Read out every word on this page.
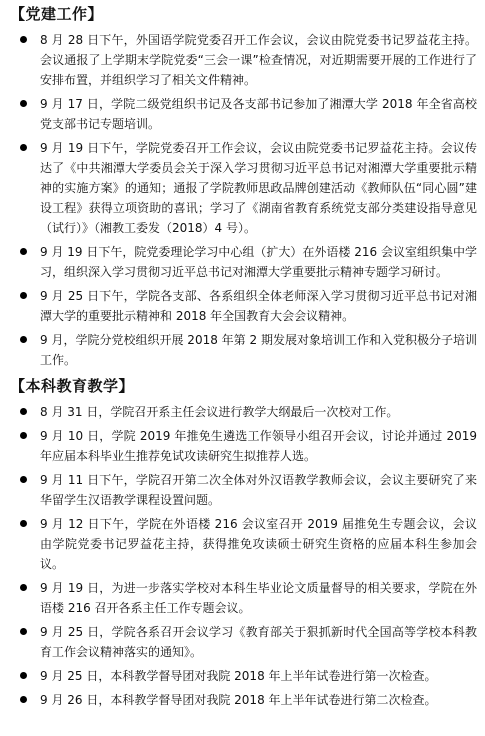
【党建工作】
8 月 28 日下午，外国语学院党委召开工作会议，会议由院党委书记罗益花主持。会议通报了上学期末学院党委“三会一课”检查情况，对近期需要开展的工作进行了安排布置，并组织学习了相关文件精神。
9 月 17 日，学院二级党组织书记及各支部书记参加了湘潭大学 2018 年全省高校党支部书记专题培训。
9 月 19 日下午，学院党委召开工作会议，会议由院党委书记罗益花主持。会议传达了《中共湘潭大学委员会关于深入学习贯彻习近平总书记对湘潭大学重要批示精神的实施方案》的通知；通报了学院教师思政品牌创建活动《教师队伍“同心圆”建设工程》获得立项资助的喜讯；学习了《湖南省教育系统党支部分类建设指导意见（试行）》（湘教工委发（2018）4 号）。
9 月 19 日下午，院党委理论学习中心组（扩大）在外语楼 216 会议室组织集中学习，组织深入学习贯彻习近平总书记对湘潭大学重要批示精神专题学习研讨。
9 月 25 日下午，学院各支部、各系组织全体老师深入学习贯彻习近平总书记对湘潭大学的重要批示精神和 2018 年全国教育大会会议精神。
9 月，学院分党校组织开展 2018 年第 2 期发展对象培训工作和入党积极分子培训工作。
【本科教育教学】
8 月 31 日，学院召开系主任会议进行教学大纲最后一次校对工作。
9 月 10 日，学院 2019 年推免生遴选工作领导小组召开会议，讨论并通过 2019 年应届本科毕业生推荐免试攻读研究生拟推荐人选。
9 月 11 日下午，学院召开第二次全体对外汉语教学教师会议，会议主要研究了来华留学生汉语教学课程设置问题。
9 月 12 日下午，学院在外语楼 216 会议室召开 2019 届推免生专题会议，会议由学院党委书记罗益花主持，获得推免攻读硕士研究生资格的应届本科生参加会议。
9 月 19 日，为进一步落实学校对本科生毕业论文质量督导的相关要求，学院在外语楼 216 召开各系主任工作专题会议。
9 月 25 日，学院各系召开会议学习《教育部关于狠抓新时代全国高等学校本科教育工作会议精神落实的通知》。
9 月 25 日，本科教学督导团对我院 2018 年上半年试卷进行第一次检查。
9 月 26 日，本科教学督导团对我院 2018 年上半年试卷进行第二次检查。
